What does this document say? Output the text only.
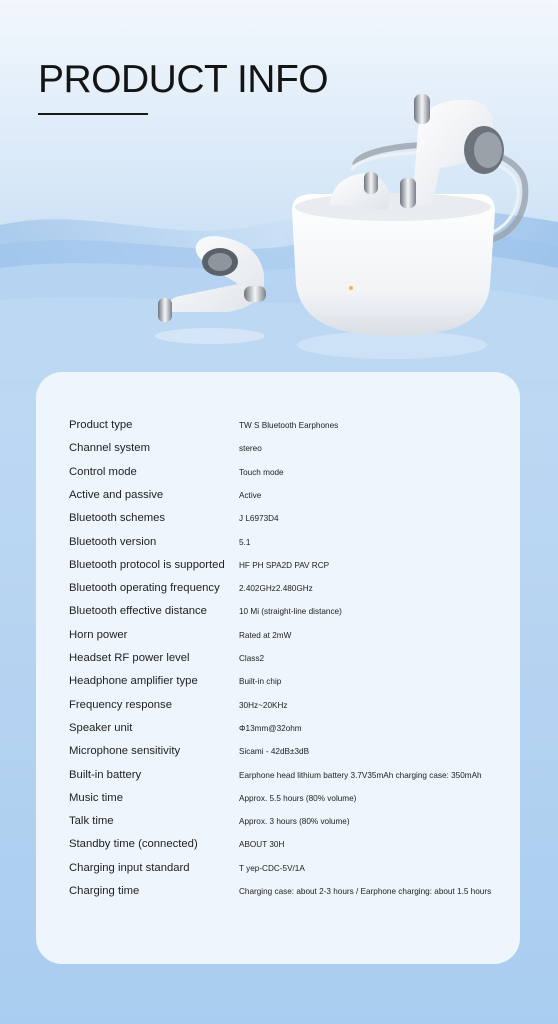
PRODUCT INFO
Product type	TW S Bluetooth Earphones
Channel system	stereo
Control mode	Touch mode
Active and passive	Active
Bluetooth schemes	J L6973D4
Bluetooth version	5.1
Bluetooth protocol is supported HF PH SPA2D PAV RCP
Bluetooth operating frequency 2.402GHz2.480GHz
Bluetooth effective distance	10 Mi (straight-line distance)
Horn power	Rated at 2mW
Headset RF power level	Class2
Headphone amplifier type	Built-in chip
Frequency response	30Hz~20KHz
Speaker unit	Φ13mm@32ohm
Microphone sensitivity	Sicami - 42dB±3dB
Built-in battery	Earphone head lithium battery 3.7V35mAh charging case: 350mAh
Music time	Approx. 5.5 hours (80% volume)
Talk time	Approx. 3 hours (80% volume)
Standby time (connected)	ABOUT 30H
Charging input standard	T yep-CDC-5V/1A
Charging time	Charging case: about 2-3 hours / Earphone charging: about 1.5 hours
